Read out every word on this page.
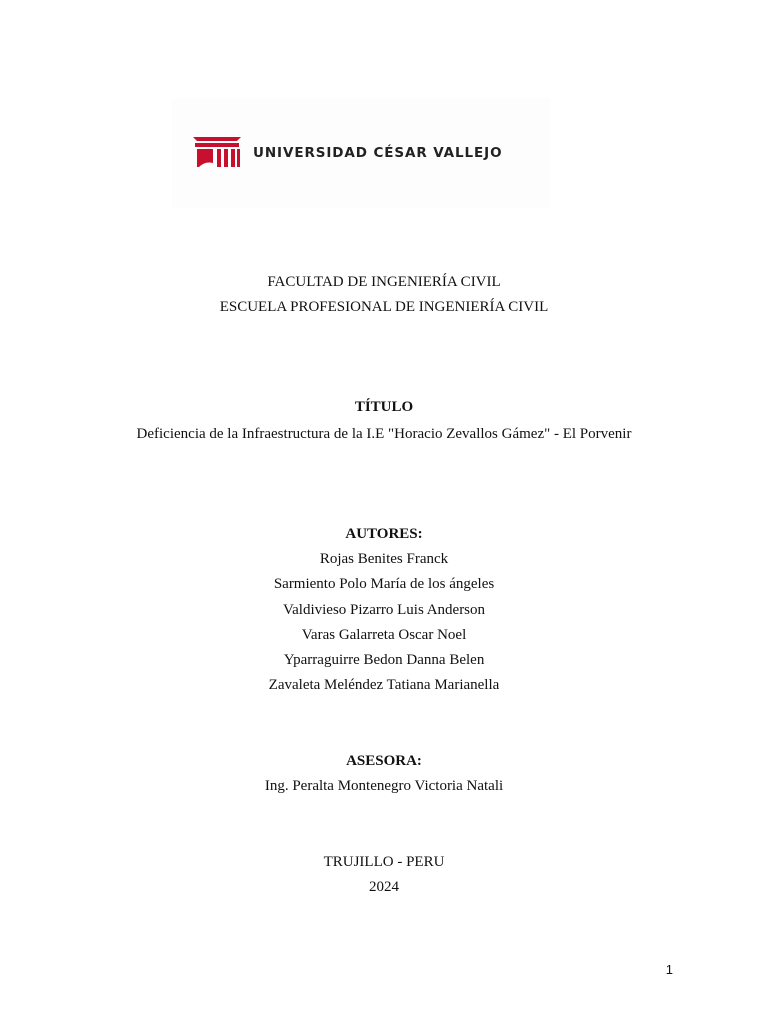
UNIVERSIDAD CÉSAR VALLEJO
FACULTAD DE INGENIERÍA CIVIL
ESCUELA PROFESIONAL DE INGENIERÍA CIVIL
TÍTULO
Deficiencia de la Infraestructura de la I.E "Horacio Zevallos Gámez" - El Porvenir
AUTORES:
Rojas Benites Franck
Sarmiento Polo María de los ángeles
Valdivieso Pizarro Luis Anderson
Varas Galarreta Oscar Noel
Yparraguirre Bedon Danna Belen
Zavaleta Meléndez Tatiana Marianella
ASESORA:
Ing. Peralta Montenegro Victoria Natali
TRUJILLO - PERU
2024
1
